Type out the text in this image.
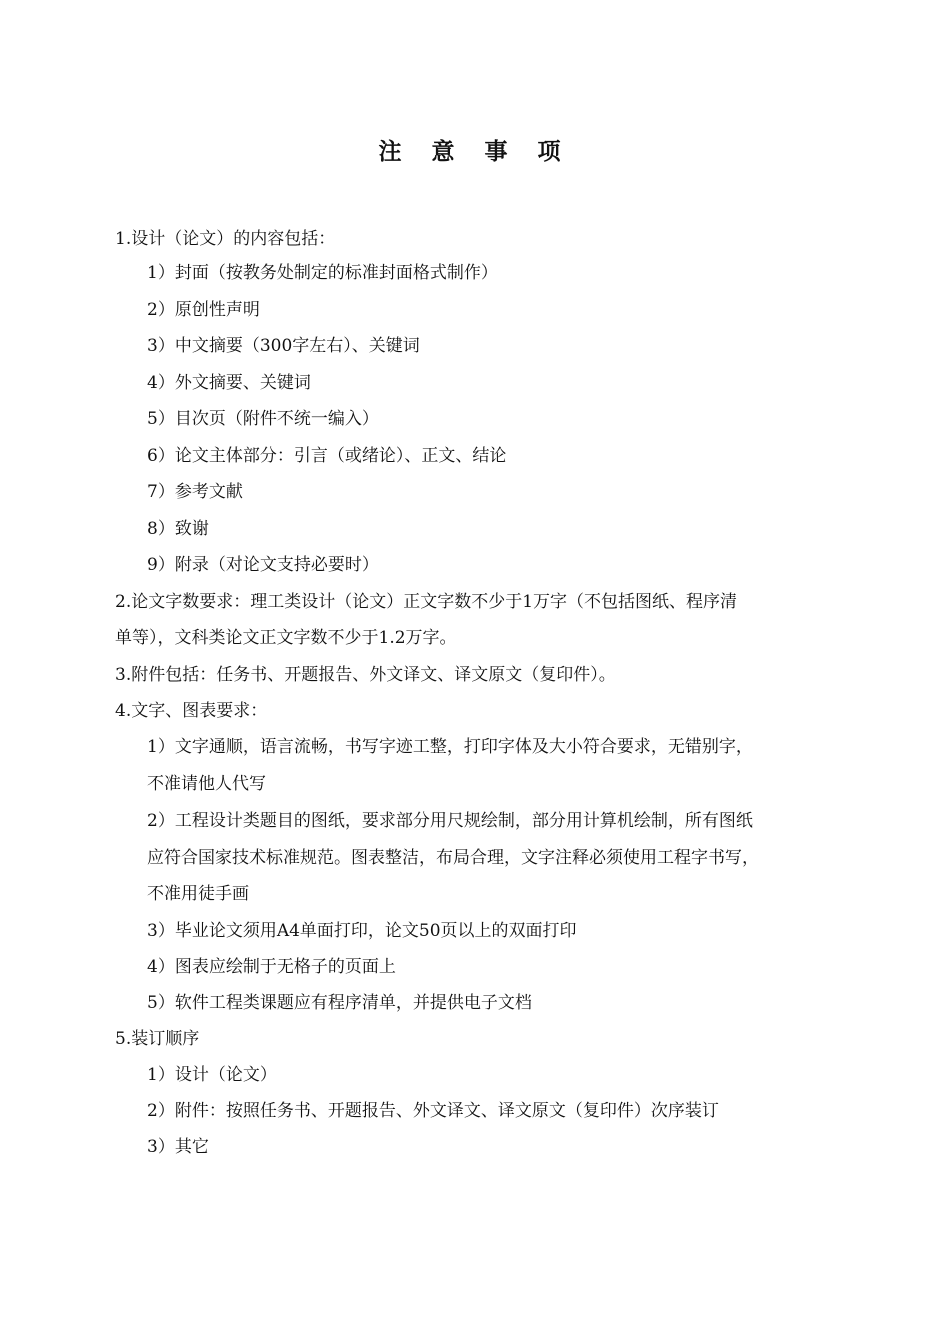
注 意 事 项
1.设计（论文）的内容包括：
1）封面（按教务处制定的标准封面格式制作）
2）原创性声明
3）中文摘要（300字左右）、关键词
4）外文摘要、关键词
5）目次页（附件不统一编入）
6）论文主体部分：引言（或绪论）、正文、结论
7）参考文献
8）致谢
9）附录（对论文支持必要时）
2.论文字数要求：理工类设计（论文）正文字数不少于1万字（不包括图纸、程序清
单等），文科类论文正文字数不少于1.2万字。
3.附件包括：任务书、开题报告、外文译文、译文原文（复印件）。
4.文字、图表要求：
1）文字通顺，语言流畅，书写字迹工整，打印字体及大小符合要求，无错别字，
不准请他人代写
2）工程设计类题目的图纸，要求部分用尺规绘制，部分用计算机绘制，所有图纸
应符合国家技术标准规范。图表整洁，布局合理，文字注释必须使用工程字书写，
不准用徒手画
3）毕业论文须用A4单面打印，论文50页以上的双面打印
4）图表应绘制于无格子的页面上
5）软件工程类课题应有程序清单，并提供电子文档
5.装订顺序
1）设计（论文）
2）附件：按照任务书、开题报告、外文译文、译文原文（复印件）次序装订
3）其它
